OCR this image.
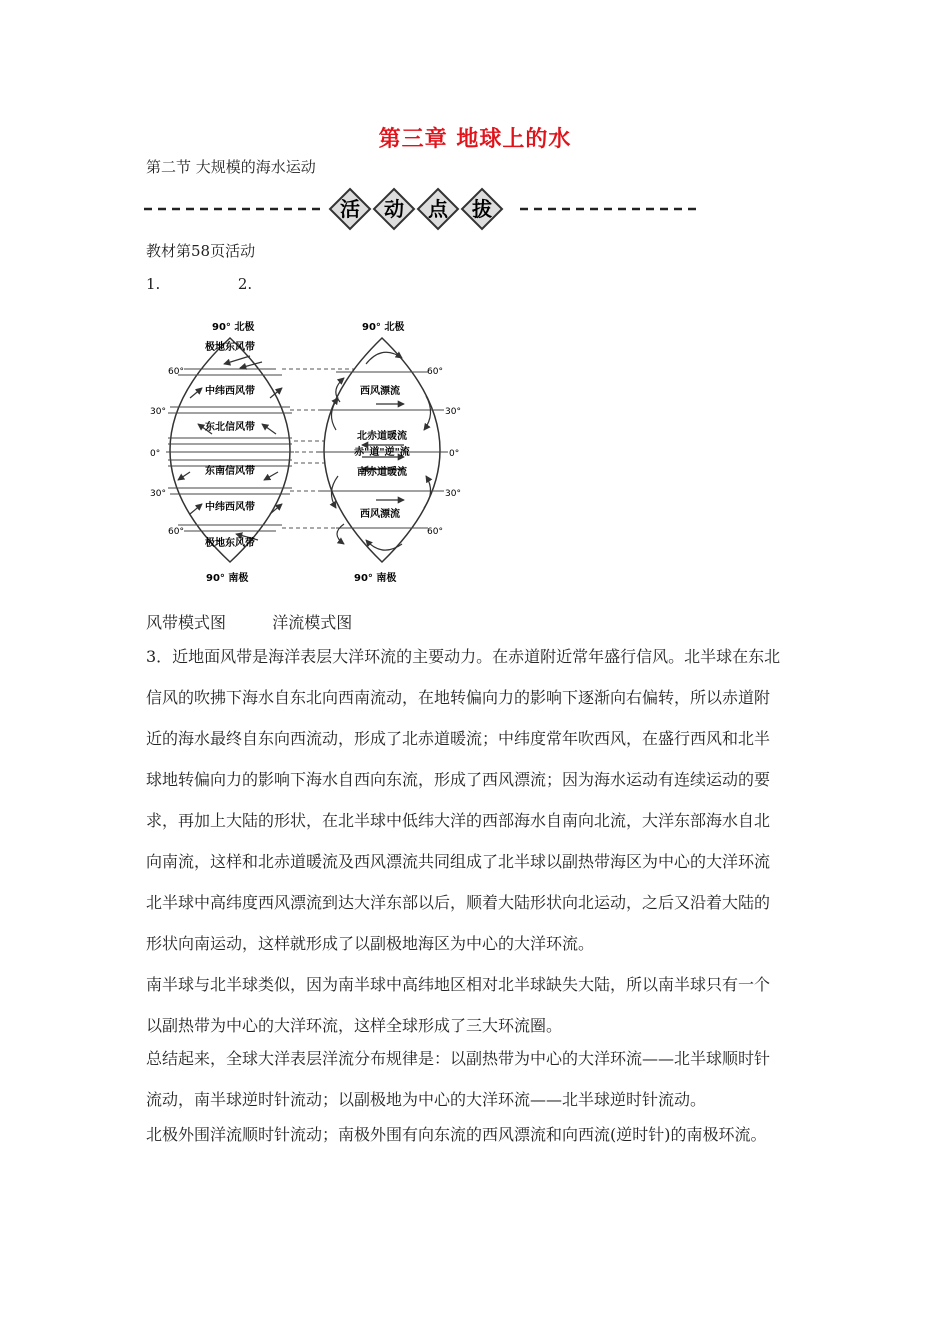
第三章 地球上的水
第二节 大规模的海水运动
活 动 点 拔
教材第58页活动
1.	2.
90° 北极
90° 南极
60°
30°
0°
30°
60°
极地东风带
中纬西风带
东北信风带
东南信风带
中纬西风带
极地东风带
90° 北极
90° 南极
60°
30°
0°
30°
60°
西风漂流
北赤道暖流
赤"道"逆"流
南赤道暖流
西风漂流
风带模式图	洋流模式图
3．近地面风带是海洋表层大洋环流的主要动力。在赤道附近常年盛行信风。北半球在东北
信风的吹拂下海水自东北向西南流动，在地转偏向力的影响下逐渐向右偏转，所以赤道附
近的海水最终自东向西流动，形成了北赤道暖流；中纬度常年吹西风，在盛行西风和北半
球地转偏向力的影响下海水自西向东流，形成了西风漂流；因为海水运动有连续运动的要
求，再加上大陆的形状，在北半球中低纬大洋的西部海水自南向北流，大洋东部海水自北
向南流，这样和北赤道暖流及西风漂流共同组成了北半球以副热带海区为中心的大洋环流
北半球中高纬度西风漂流到达大洋东部以后，顺着大陆形状向北运动，之后又沿着大陆的
形状向南运动，这样就形成了以副极地海区为中心的大洋环流。
南半球与北半球类似，因为南半球中高纬地区相对北半球缺失大陆，所以南半球只有一个
以副热带为中心的大洋环流，这样全球形成了三大环流圈。
总结起来，全球大洋表层洋流分布规律是：以副热带为中心的大洋环流——北半球顺时针
流动，南半球逆时针流动；以副极地为中心的大洋环流——北半球逆时针流动。
北极外围洋流顺时针流动；南极外围有向东流的西风漂流和向西流(逆时针)的南极环流。
